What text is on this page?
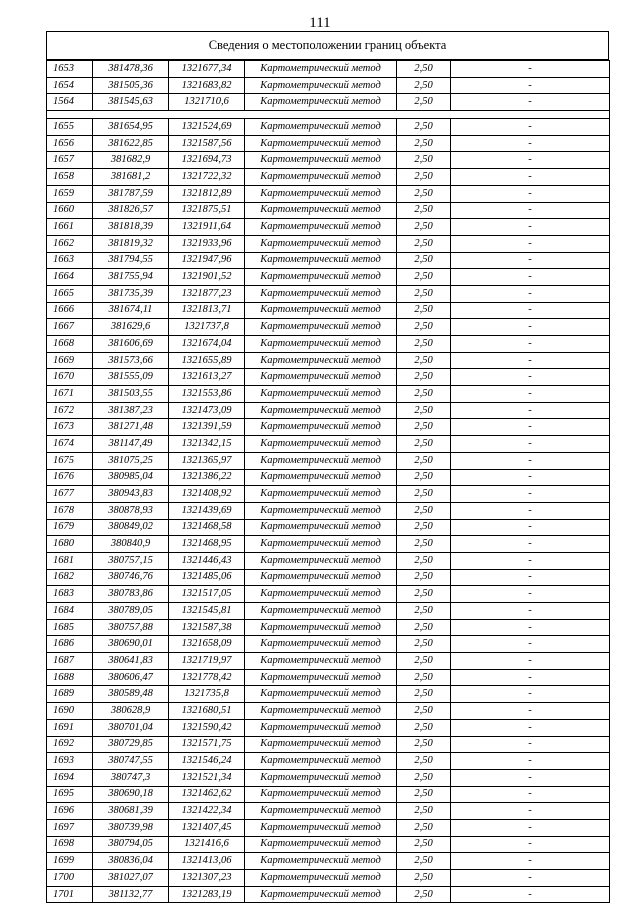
111
Сведения о местоположении границ объекта
1653	381478,36	1321677,34	Картометрический метод	2,50	-
1654	381505,36	1321683,82	Картометрический метод	2,50	-
1564	381545,63	1321710,6	Картометрический метод	2,50	-

1655	381654,95	1321524,69	Картометрический метод	2,50	-
1656	381622,85	1321587,56	Картометрический метод	2,50	-
1657	381682,9	1321694,73	Картометрический метод	2,50	-
1658	381681,2	1321722,32	Картометрический метод	2,50	-
1659	381787,59	1321812,89	Картометрический метод	2,50	-
1660	381826,57	1321875,51	Картометрический метод	2,50	-
1661	381818,39	1321911,64	Картометрический метод	2,50	-
1662	381819,32	1321933,96	Картометрический метод	2,50	-
1663	381794,55	1321947,96	Картометрический метод	2,50	-
1664	381755,94	1321901,52	Картометрический метод	2,50	-
1665	381735,39	1321877,23	Картометрический метод	2,50	-
1666	381674,11	1321813,71	Картометрический метод	2,50	-
1667	381629,6	1321737,8	Картометрический метод	2,50	-
1668	381606,69	1321674,04	Картометрический метод	2,50	-
1669	381573,66	1321655,89	Картометрический метод	2,50	-
1670	381555,09	1321613,27	Картометрический метод	2,50	-
1671	381503,55	1321553,86	Картометрический метод	2,50	-
1672	381387,23	1321473,09	Картометрический метод	2,50	-
1673	381271,48	1321391,59	Картометрический метод	2,50	-
1674	381147,49	1321342,15	Картометрический метод	2,50	-
1675	381075,25	1321365,97	Картометрический метод	2,50	-
1676	380985,04	1321386,22	Картометрический метод	2,50	-
1677	380943,83	1321408,92	Картометрический метод	2,50	-
1678	380878,93	1321439,69	Картометрический метод	2,50	-
1679	380849,02	1321468,58	Картометрический метод	2,50	-
1680	380840,9	1321468,95	Картометрический метод	2,50	-
1681	380757,15	1321446,43	Картометрический метод	2,50	-
1682	380746,76	1321485,06	Картометрический метод	2,50	-
1683	380783,86	1321517,05	Картометрический метод	2,50	-
1684	380789,05	1321545,81	Картометрический метод	2,50	-
1685	380757,88	1321587,38	Картометрический метод	2,50	-
1686	380690,01	1321658,09	Картометрический метод	2,50	-
1687	380641,83	1321719,97	Картометрический метод	2,50	-
1688	380606,47	1321778,42	Картометрический метод	2,50	-
1689	380589,48	1321735,8	Картометрический метод	2,50	-
1690	380628,9	1321680,51	Картометрический метод	2,50	-
1691	380701,04	1321590,42	Картометрический метод	2,50	-
1692	380729,85	1321571,75	Картометрический метод	2,50	-
1693	380747,55	1321546,24	Картометрический метод	2,50	-
1694	380747,3	1321521,34	Картометрический метод	2,50	-
1695	380690,18	1321462,62	Картометрический метод	2,50	-
1696	380681,39	1321422,34	Картометрический метод	2,50	-
1697	380739,98	1321407,45	Картометрический метод	2,50	-
1698	380794,05	1321416,6	Картометрический метод	2,50	-
1699	380836,04	1321413,06	Картометрический метод	2,50	-
1700	381027,07	1321307,23	Картометрический метод	2,50	-
1701	381132,77	1321283,19	Картометрический метод	2,50	-
